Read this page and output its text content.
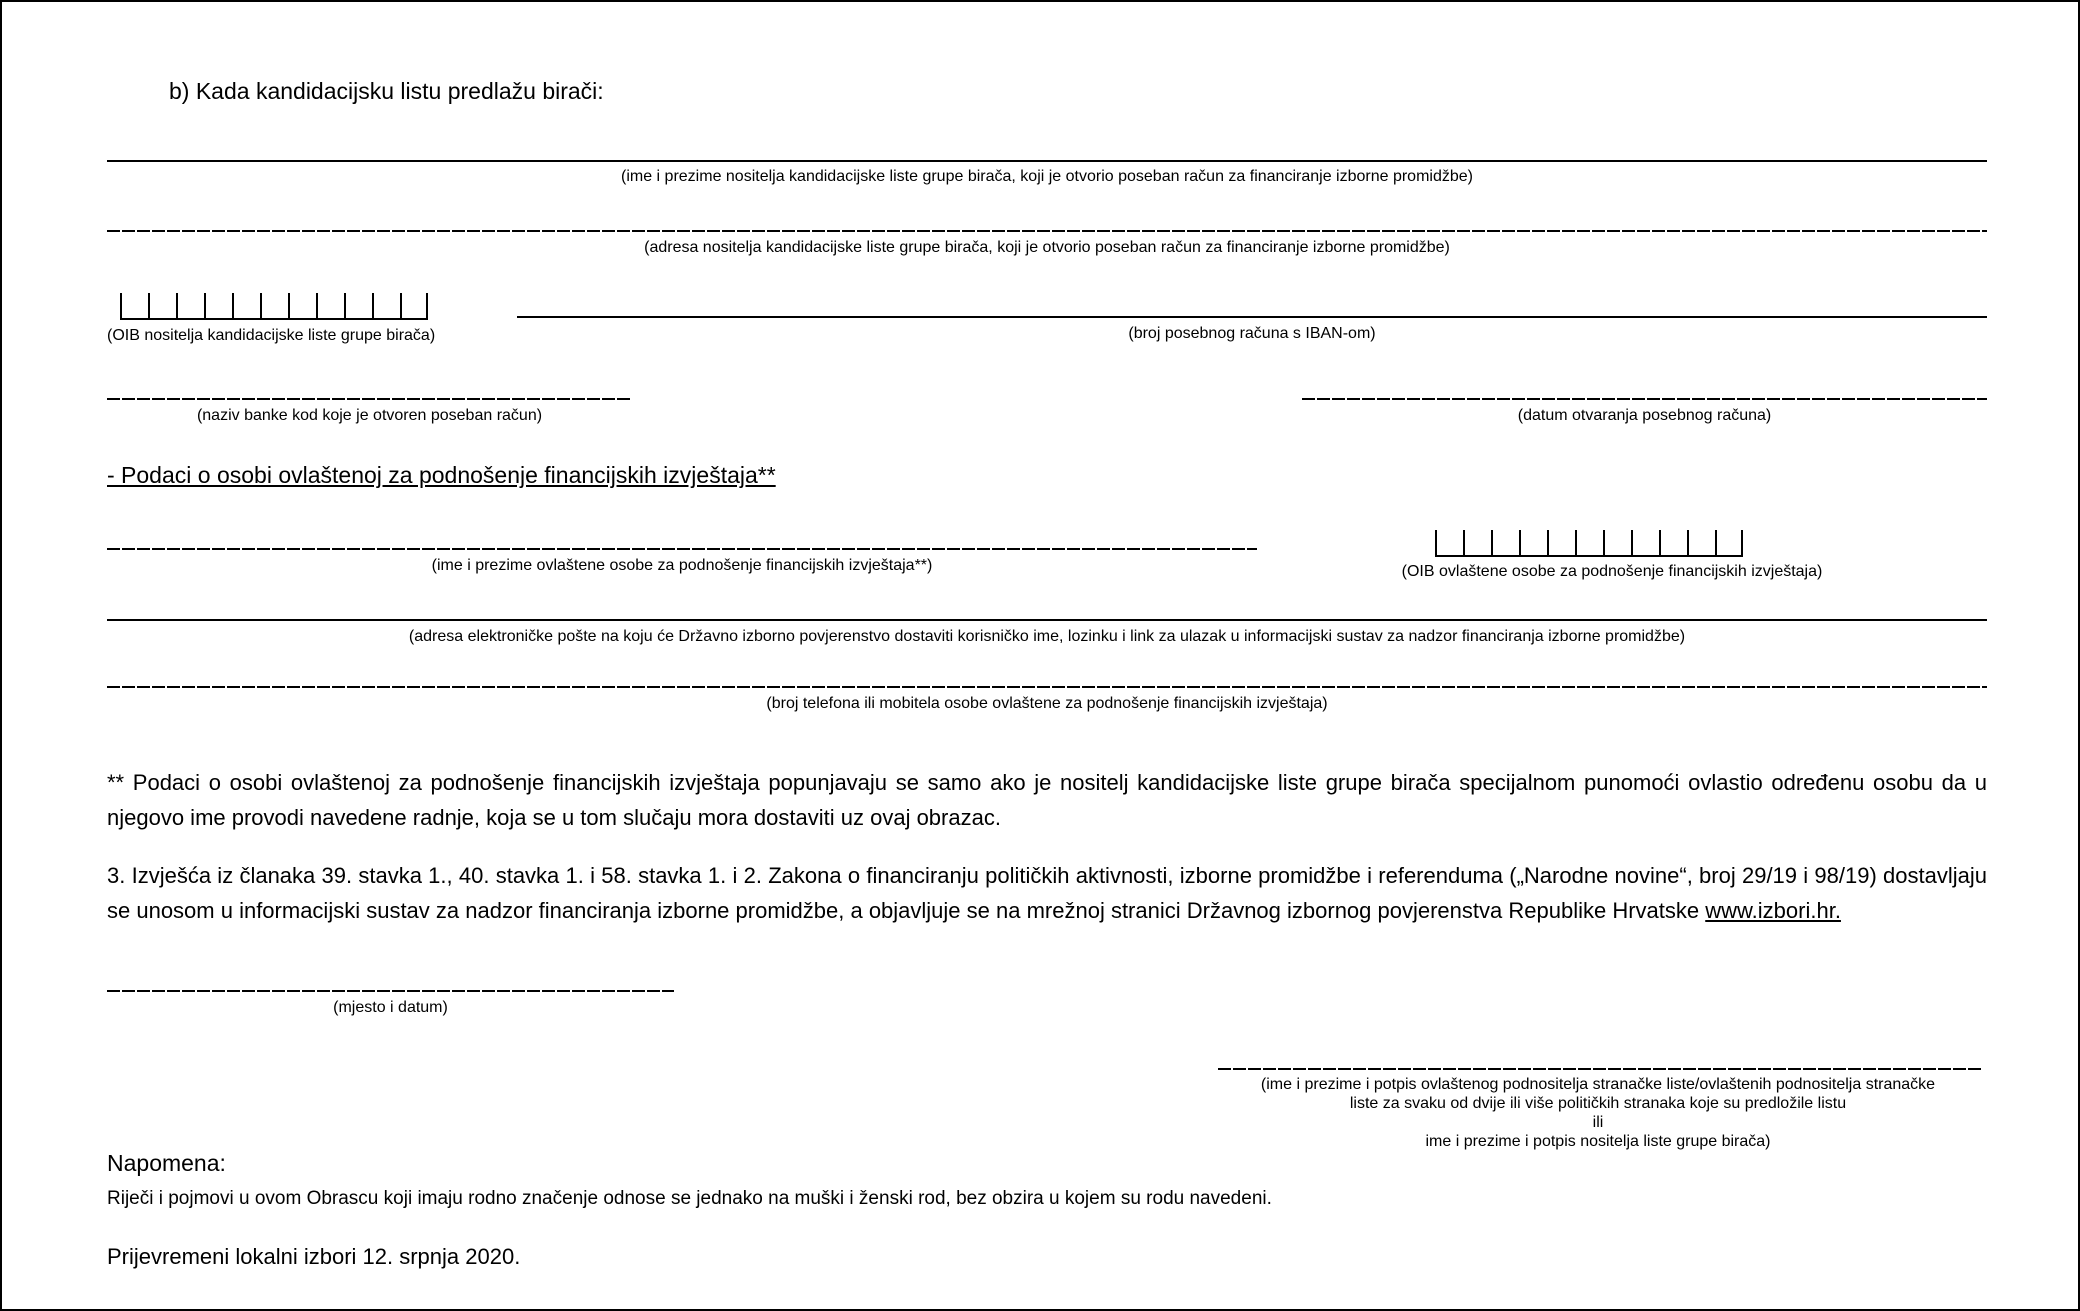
b) Kada kandidacijsku listu predlažu birači:
(ime i prezime nositelja kandidacijske liste grupe birača, koji je otvorio poseban račun za financiranje izborne promidžbe)
(adresa nositelja kandidacijske liste grupe birača, koji je otvorio poseban račun za financiranje izborne promidžbe)
(OIB nositelja kandidacijske liste grupe birača)	(broj posebnog računa s IBAN-om)
(naziv banke kod koje je otvoren poseban račun)	(datum otvaranja posebnog računa)
- Podaci o osobi ovlaštenoj za podnošenje financijskih izvještaja**
(ime i prezime ovlaštene osobe za podnošenje financijskih izvještaja**)	(OIB ovlaštene osobe za podnošenje financijskih izvještaja)
(adresa elektroničke pošte na koju će Državno izborno povjerenstvo dostaviti korisničko ime, lozinku i link za ulazak u informacijski sustav za nadzor financiranja izborne promidžbe)
(broj telefona ili mobitela osobe ovlaštene za podnošenje financijskih izvještaja)
** Podaci o osobi ovlaštenoj za podnošenje financijskih izvještaja popunjavaju se samo ako je nositelj kandidacijske liste grupe birača specijalnom punomoći ovlastio određenu osobu da u njegovo ime provodi navedene radnje, koja se u tom slučaju mora dostaviti uz ovaj obrazac.
3. Izvješća iz članaka 39. stavka 1., 40. stavka 1. i 58. stavka 1. i 2. Zakona o financiranju političkih aktivnosti, izborne promidžbe i referenduma („Narodne novine“, broj 29/19 i 98/19) dostavljaju se unosom u informacijski sustav za nadzor financiranja izborne promidžbe, a objavljuje se na mrežnoj stranici Državnog izbornog povjerenstva Republike Hrvatske www.izbori.hr.
(mjesto i datum)
(ime i prezime i potpis ovlaštenog podnositelja stranačke liste/ovlaštenih podnositelja stranačke
liste za svaku od dvije ili više političkih stranaka koje su predložile listu
ili
ime i prezime i potpis nositelja liste grupe birača)
Napomena:
Riječi i pojmovi u ovom Obrascu koji imaju rodno značenje odnose se jednako na muški i ženski rod, bez obzira u kojem su rodu navedeni.
Prijevremeni lokalni izbori 12. srpnja 2020.
